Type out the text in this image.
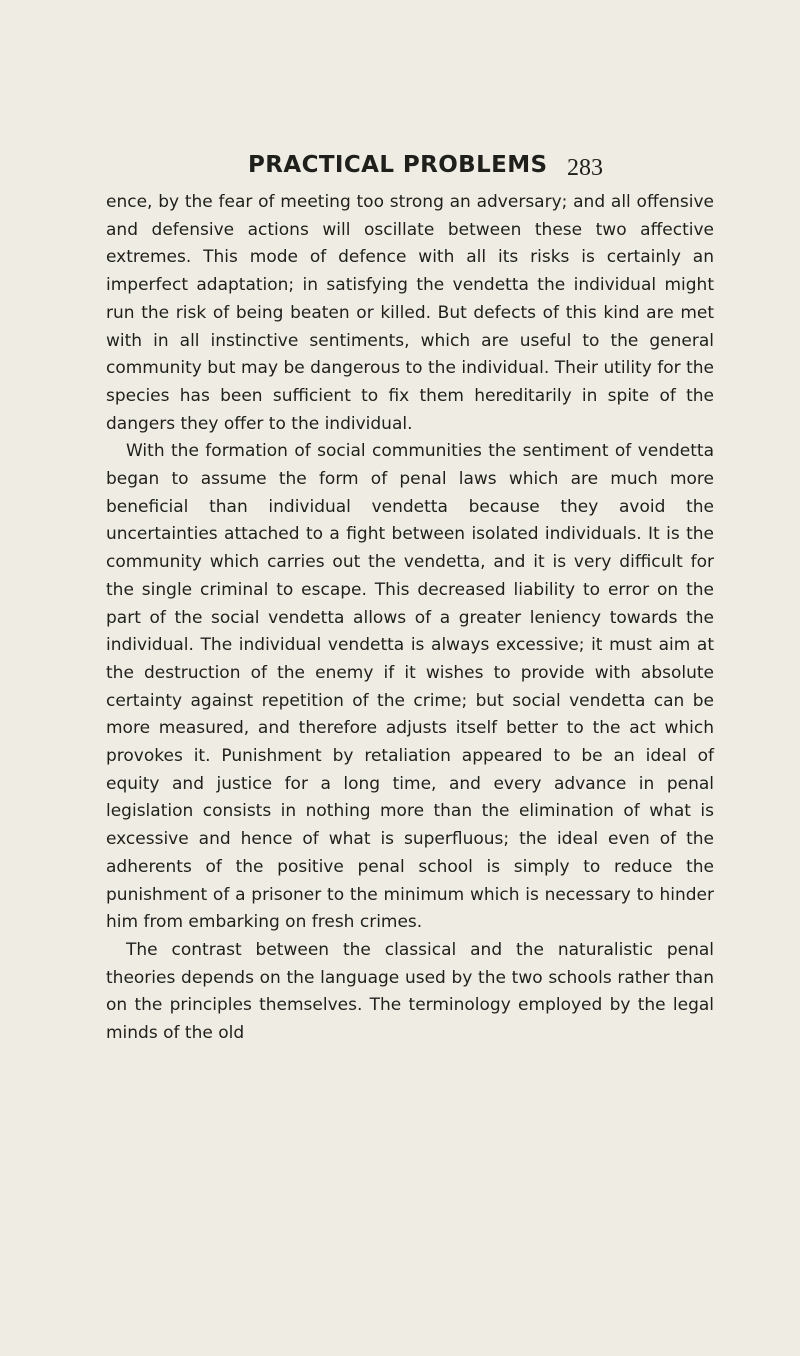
PRACTICAL PROBLEMS 283

ence, by the fear of meeting too strong an adversary; and all offensive and defensive actions will oscillate between these two affective extremes. This mode of defence with all its risks is certainly an imperfect adaptation; in satisfying the vendetta the individual might run the risk of being beaten or killed. But defects of this kind are met with in all instinctive sentiments, which are useful to the general community but may be dangerous to the individual. Their utility for the species has been sufficient to fix them hereditarily in spite of the dangers they offer to the individual.

With the formation of social communities the sentiment of vendetta began to assume the form of penal laws which are much more beneficial than individual vendetta because they avoid the uncertainties attached to a fight between isolated individuals. It is the community which carries out the vendetta, and it is very difficult for the single criminal to escape. This decreased liability to error on the part of the social vendetta allows of a greater leniency towards the individual. The individual vendetta is always excessive; it must aim at the destruction of the enemy if it wishes to provide with absolute certainty against repetition of the crime; but social vendetta can be more measured, and therefore adjusts itself better to the act which provokes it. Punishment by retaliation appeared to be an ideal of equity and justice for a long time, and every advance in penal legislation consists in nothing more than the elimination of what is excessive and hence of what is superfluous; the ideal even of the adherents of the positive penal school is simply to reduce the punishment of a prisoner to the minimum which is necessary to hinder him from embarking on fresh crimes.

The contrast between the classical and the naturalistic penal theories depends on the language used by the two schools rather than on the principles themselves. The terminology employed by the legal minds of the old
